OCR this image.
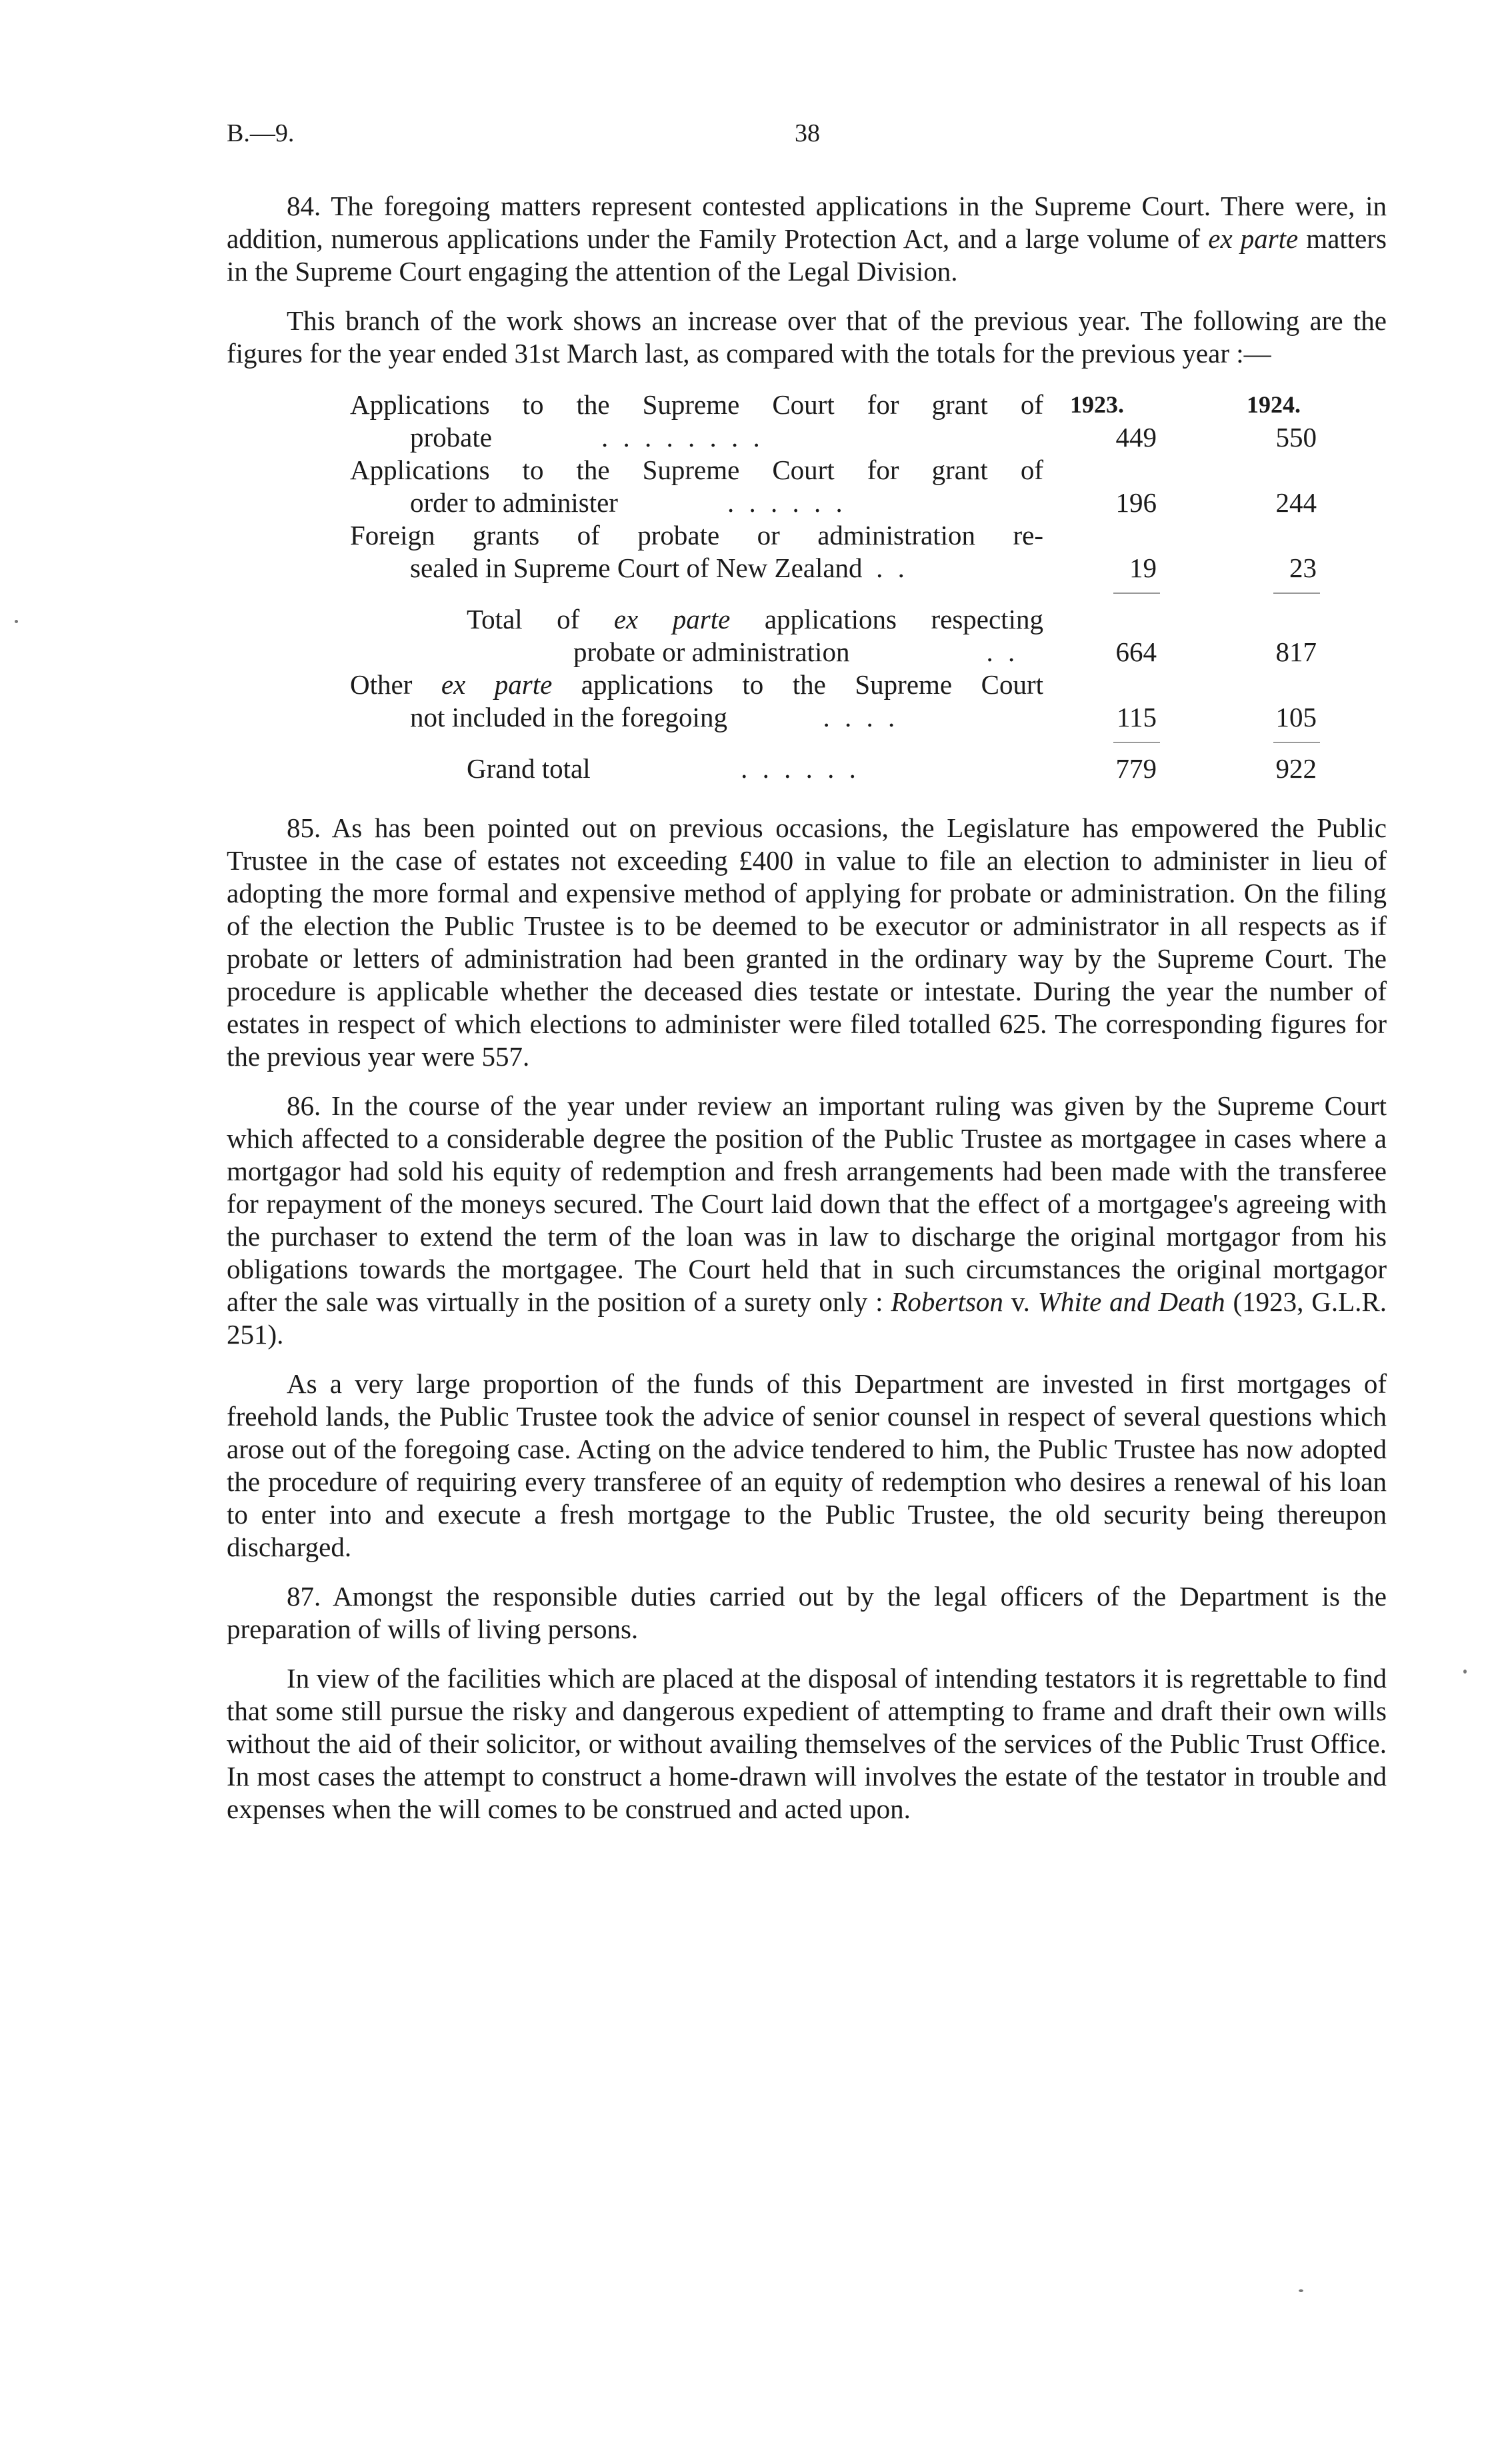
B.—9.	38

84. The foregoing matters represent contested applications in the Supreme Court. There were, in addition, numerous applications under the Family Protection Act, and a large volume of ex parte matters in the Supreme Court engaging the attention of the Legal Division.

This branch of the work shows an increase over that of the previous year. The following are the figures for the year ended 31st March last, as compared with the totals for the previous year :—

1923.	1924.
Applications to the Supreme Court for grant of
probate	. . . . . . . .	449	550
Applications to the Supreme Court for grant of
order to administer	. . . . . .	196	244
Foreign grants of probate or administration re-
sealed in Supreme Court of New Zealand . .	19	23
Total of ex parte applications respecting
probate or administration	. .	664	817
Other ex parte applications to the Supreme Court
not included in the foregoing	. . . .	115	105
Grand total	. . . . . .	779	922

85. As has been pointed out on previous occasions, the Legislature has empowered the Public Trustee in the case of estates not exceeding £400 in value to file an election to administer in lieu of adopting the more formal and expensive method of applying for probate or administration. On the filing of the election the Public Trustee is to be deemed to be executor or administrator in all respects as if probate or letters of administration had been granted in the ordinary way by the Supreme Court. The procedure is applicable whether the deceased dies testate or intestate. During the year the number of estates in respect of which elections to administer were filed totalled 625. The corresponding figures for the previous year were 557.

86. In the course of the year under review an important ruling was given by the Supreme Court which affected to a considerable degree the position of the Public Trustee as mortgagee in cases where a mortgagor had sold his equity of redemption and fresh arrangements had been made with the transferee for repayment of the moneys secured. The Court laid down that the effect of a mortgagee's agreeing with the purchaser to extend the term of the loan was in law to discharge the original mortgagor from his obligations towards the mortgagee. The Court held that in such circumstances the original mortgagor after the sale was virtually in the position of a surety only : Robertson v. White and Death (1923, G.L.R. 251).

As a very large proportion of the funds of this Department are invested in first mortgages of freehold lands, the Public Trustee took the advice of senior counsel in respect of several questions which arose out of the foregoing case. Acting on the advice tendered to him, the Public Trustee has now adopted the procedure of requiring every transferee of an equity of redemption who desires a renewal of his loan to enter into and execute a fresh mortgage to the Public Trustee, the old security being thereupon discharged.

87. Amongst the responsible duties carried out by the legal officers of the Department is the preparation of wills of living persons.

In view of the facilities which are placed at the disposal of intending testators it is regrettable to find that some still pursue the risky and dangerous expedient of attempting to frame and draft their own wills without the aid of their solicitor, or without availing themselves of the services of the Public Trust Office. In most cases the attempt to construct a home-drawn will involves the estate of the testator in trouble and expenses when the will comes to be construed and acted upon.
